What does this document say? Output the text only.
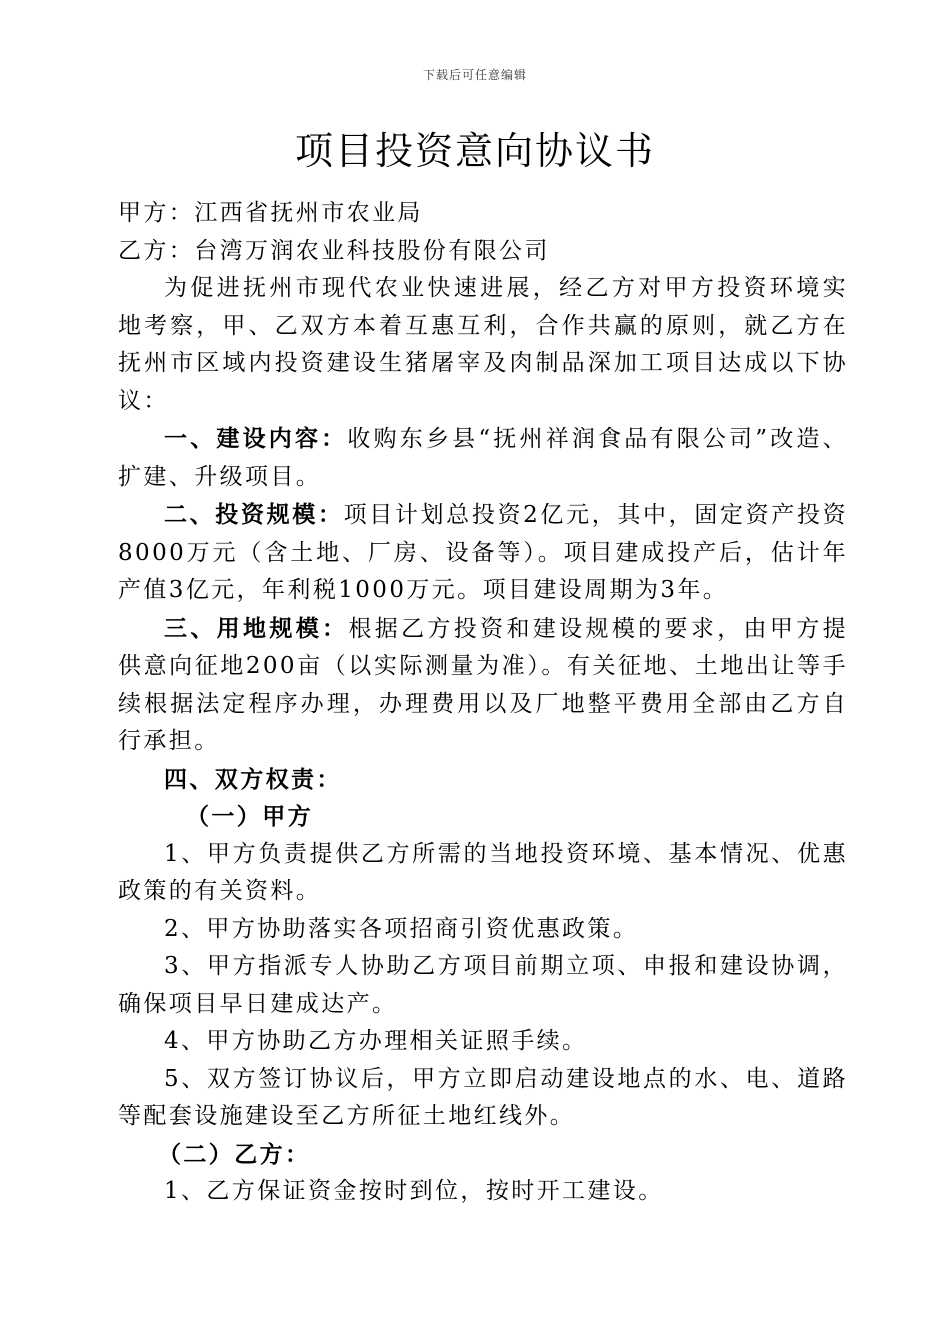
下载后可任意编辑
项目投资意向协议书

甲方：江西省抚州市农业局

乙方：台湾万润农业科技股份有限公司

为促进抚州市现代农业快速进展，经乙方对甲方投资环境实地考察，甲、乙双方本着互惠互利，合作共赢的原则，就乙方在抚州市区域内投资建设生猪屠宰及肉制品深加工项目达成以下协议：

一、建设内容：收购东乡县“抚州祥润食品有限公司”改造、扩建、升级项目。

二、投资规模：项目计划总投资2亿元，其中，固定资产投资8000万元（含土地、厂房、设备等）。项目建成投产后，估计年产值3亿元，年利税1000万元。项目建设周期为3年。

三、用地规模：根据乙方投资和建设规模的要求，由甲方提供意向征地200亩（以实际测量为准）。有关征地、土地出让等手续根据法定程序办理，办理费用以及厂地整平费用全部由乙方自行承担。

四、双方权责：

（一）甲方

1、甲方负责提供乙方所需的当地投资环境、基本情况、优惠政策的有关资料。

2、甲方协助落实各项招商引资优惠政策。

3、甲方指派专人协助乙方项目前期立项、申报和建设协调，确保项目早日建成达产。

4、甲方协助乙方办理相关证照手续。

5、双方签订协议后，甲方立即启动建设地点的水、电、道路等配套设施建设至乙方所征土地红线外。

（二）乙方：

1、乙方保证资金按时到位，按时开工建设。
